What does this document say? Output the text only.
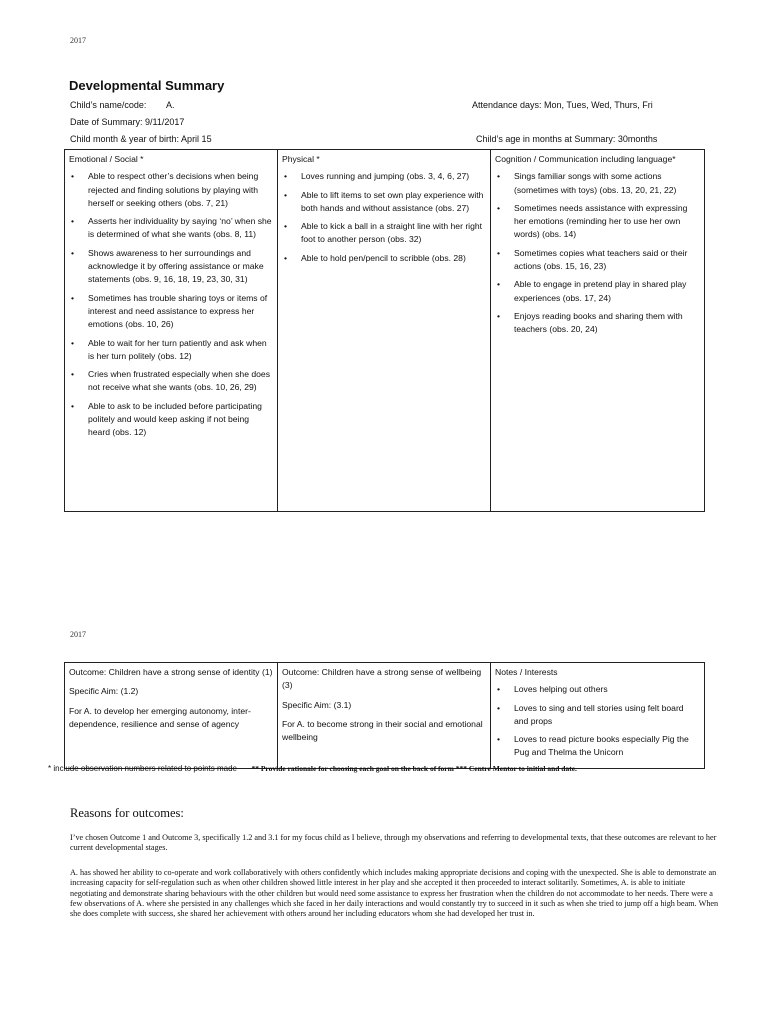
2017
Developmental Summary
Child’s name/code: A.	Attendance days: Mon, Tues, Wed, Thurs, Fri
Date of Summary: 9/11/2017
Child month & year of birth: April 15	Child’s age in months at Summary: 30months
Emotional / Social *
• Able to respect other’s decisions when being rejected and finding solutions by playing with herself or seeking others (obs. 7, 21)
• Asserts her individuality by saying ‘no’ when she is determined of what she wants (obs. 8, 11)
• Shows awareness to her surroundings and acknowledge it by offering assistance or make statements (obs. 9, 16, 18, 19, 23, 30, 31)
• Sometimes has trouble sharing toys or items of interest and need assistance to express her emotions (obs. 10, 26)
• Able to wait for her turn patiently and ask when is her turn politely (obs. 12)
• Cries when frustrated especially when she does not receive what she wants (obs. 10, 26, 29)
• Able to ask to be included before participating politely and would keep asking if not being heard (obs. 12)

Physical *
• Loves running and jumping (obs. 3, 4, 6, 27)
• Able to lift items to set own play experience with both hands and without assistance (obs. 27)
• Able to kick a ball in a straight line with her right foot to another person (obs. 32)
• Able to hold pen/pencil to scribble (obs. 28)

Cognition / Communication including language*
• Sings familiar songs with some actions (sometimes with toys) (obs. 13, 20, 21, 22)
• Sometimes needs assistance with expressing her emotions (reminding her to use her own words) (obs. 14)
• Sometimes copies what teachers said or their actions (obs. 15, 16, 23)
• Able to engage in pretend play in shared play experiences (obs. 17, 24)
• Enjoys reading books and sharing them with teachers (obs. 20, 24)
2017
Outcome: Children have a strong sense of identity (1)
Specific Aim: (1.2)
For A. to develop her emerging autonomy, inter-dependence, resilience and sense of agency

Outcome: Children have a strong sense of wellbeing (3)
Specific Aim: (3.1)
For A. to become strong in their social and emotional wellbeing

Notes / Interests
• Loves helping out others
• Loves to sing and tell stories using felt board and props
• Loves to read picture books especially Pig the Pug and Thelma the Unicorn
* include observation numbers related to points made ** Provide rationale for choosing each goal on the back of form *** Centre Mentor to initial and date.
Reasons for outcomes:
I’ve chosen Outcome 1 and Outcome 3, specifically 1.2 and 3.1 for my focus child as I believe, through my observations and referring to developmental texts, that these outcomes are relevant to her current developmental stages.
A. has showed her ability to co-operate and work collaboratively with others confidently which includes making appropriate decisions and coping with the unexpected. She is able to demonstrate an increasing capacity for self-regulation such as when other children showed little interest in her play and she accepted it then proceeded to interact solitarily. Sometimes, A. is able to initiate negotiating and demonstrate sharing behaviours with the other children but would need some assistance to express her frustration when the children do not accommodate to her needs. There were a few observations of A. where she persisted in any challenges which she faced in her daily interactions and would constantly try to succeed in it such as when she tried to jump off a high beam. When she does complete with success, she shared her achievement with others around her including educators whom she had developed her trust in.
